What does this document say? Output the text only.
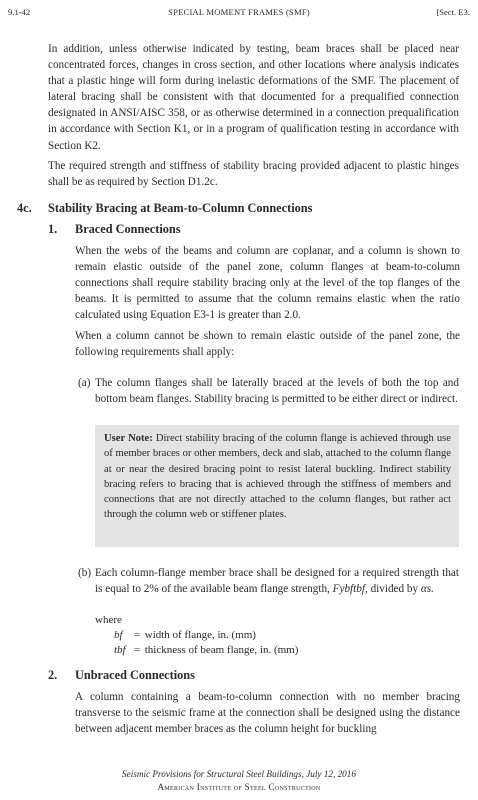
9.1-42	SPECIAL MOMENT FRAMES (SMF)	[Sect. E3.

In addition, unless otherwise indicated by testing, beam braces shall be placed near concentrated forces, changes in cross section, and other locations where analysis indicates that a plastic hinge will form during inelastic deformations of the SMF. The placement of lateral bracing shall be consistent with that documented for a prequalified connection designated in ANSI/AISC 358, or as otherwise determined in a connection prequalification in accordance with Section K1, or in a program of qualification testing in accordance with Section K2.

The required strength and stiffness of stability bracing provided adjacent to plastic hinges shall be as required by Section D1.2c.

4c. Stability Bracing at Beam-to-Column Connections
1. Braced Connections

When the webs of the beams and column are coplanar, and a column is shown to remain elastic outside of the panel zone, column flanges at beam-to-column connections shall require stability bracing only at the level of the top flanges of the beams. It is permitted to assume that the column remains elastic when the ratio calculated using Equation E3-1 is greater than 2.0.

When a column cannot be shown to remain elastic outside of the panel zone, the following requirements shall apply:

(a) The column flanges shall be laterally braced at the levels of both the top and bottom beam flanges. Stability bracing is permitted to be either direct or indirect.

User Note: Direct stability bracing of the column flange is achieved through use of member braces or other members, deck and slab, attached to the column flange at or near the desired bracing point to resist lateral buckling. Indirect stability bracing refers to bracing that is achieved through the stiffness of members and connections that are not directly attached to the column flanges, but rather act through the column web or stiffener plates.
(b) Each column-flange member brace shall be designed for a required strength that is equal to 2% of the available beam flange strength, Fybftbf, divided by αs.

where
bf = width of flange, in. (mm)
tbf = thickness of beam flange, in. (mm)
2. Unbraced Connections

A column containing a beam-to-column connection with no member bracing transverse to the seismic frame at the connection shall be designed using the distance between adjacent member braces as the column height for buckling

Seismic Provisions for Structural Steel Buildings, July 12, 2016
American Institute of Steel Construction
